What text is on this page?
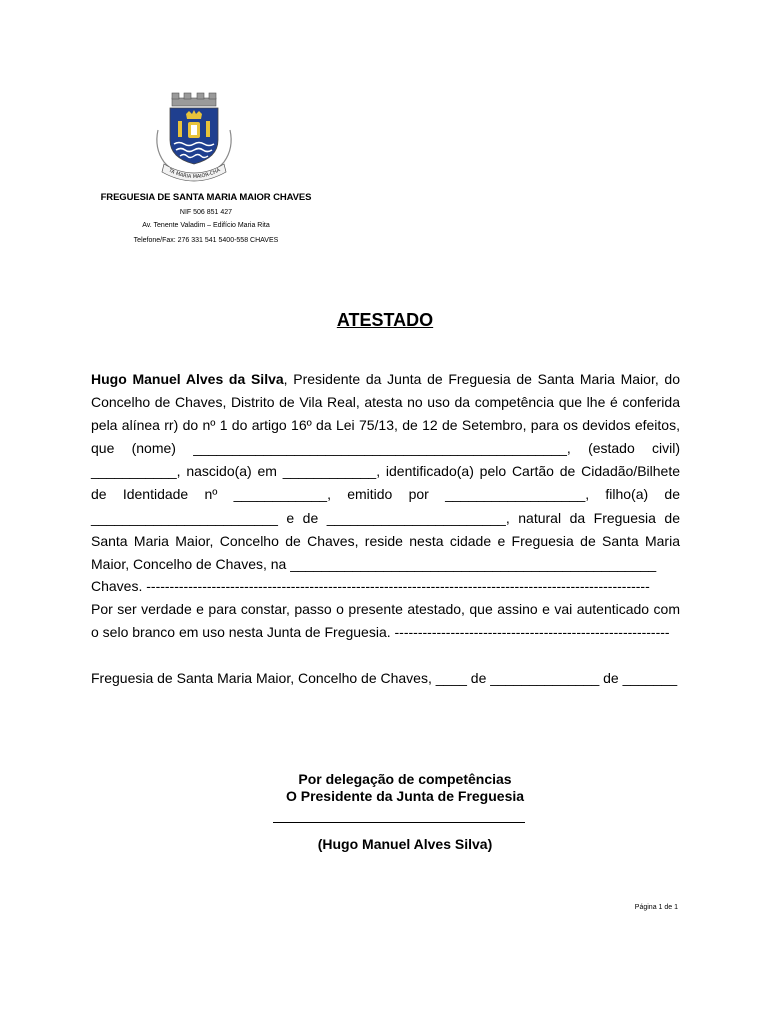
TA MARIA MAIOR-CHA
FREGUESIA DE SANTA MARIA MAIOR CHAVES
NIF 506 851 427
Av. Tenente Valadim – Edifício Maria Rita
Telefone/Fax: 276 331 541 5400-558 CHAVES
ATESTADO
Hugo Manuel Alves da Silva, Presidente da Junta de Freguesia de Santa Maria Maior, do
Concelho de Chaves, Distrito de Vila Real, atesta no uso da competência que lhe é conferida
pela alínea rr) do nº 1 do artigo 16º da Lei 75/13, de 12 de Setembro, para os devidos efeitos,
que (nome) ________________________________________________, (estado civil)
___________, nascido(a) em ____________, identificado(a) pelo Cartão de Cidadão/Bilhete
de Identidade nº ____________, emitido por __________________, filho(a) de
________________________ e de _______________________, natural da Freguesia de
Santa Maria Maior, Concelho de Chaves, reside nesta cidade e Freguesia de Santa Maria
Maior, Concelho de Chaves, na _______________________________________________
Chaves. ------------------------------------------------------------------------------------------------------------
Por ser verdade e para constar, passo o presente atestado, que assino e vai autenticado com
o selo branco em uso nesta Junta de Freguesia. -----------------------------------------------------------
Freguesia de Santa Maria Maior, Concelho de Chaves, ____ de ______________ de _______
Por delegação de competências
O Presidente da Junta de Freguesia
(Hugo Manuel Alves Silva)
Página 1 de 1
